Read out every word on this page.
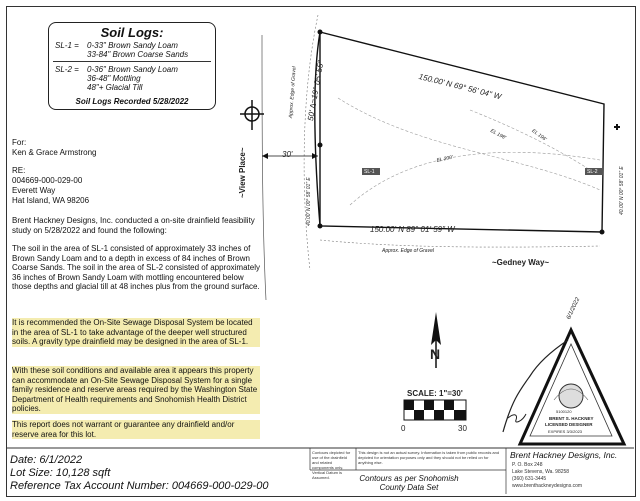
Soil Logs:
SL-1 = 0-33" Brown Sandy Loam
33-84" Brown Coarse Sands
SL-2 = 0-36" Brown Sandy Loam
36-48" Mottling
48"+ Glacial Till
Soil Logs Recorded 5/28/2022
For:
Ken & Grace Armstrong
RE:
004669-000-029-00
Everett Way
Hat Island, WA 98206
Brent Hackney Designs, Inc. conducted a on-site drainfield feasibility study on 5/28/2022 and found the following:
The soil in the area of SL-1 consisted of approximately 33 inches of Brown Sandy Loam and to a depth in excess of 84 inches of Brown Coarse Sands. The soil in the area of SL-2 consisted of approximately 36 inches of Brown Sandy Loam with mottling encountered below those depths and glacial till at 48 inches plus from the ground surface.
It is recommended the On-Site Sewage Disposal System be located in the area of SL-1 to take advantage of the deeper well structured soils. A gravity type drainfield may be designed in the area of SL-1.
With these soil conditions and available area it appears this property can accommodate an On-Site Sewage Disposal System for a single family residence and reserve areas required by the Washington State Department of Health requirements and Snohomish Health District policies.
This report does not warrant or guarantee any drainfield and/or reserve area for this lot.
150.00' N 69° 56' 04" W
150.00' N 89° 01' 59" W
50' ∆=19° 05' 55"
40.00' N 00° 58' 01" E	40.00' N 00° 58' 01" E
~View Place~
~Gedney Way~
30'
Approx. Edge of Gravel
Approx. Edge of Gravel
SL-1	SL-2
EL 198'
EL 200'
EL 196'
N
SCALE: 1"=30'
0	30
5100120
BRENT S. HACKNEY
LICENSED DESIGNER
EXPIRES 3/3/2023
6/1/2022
Date: 6/1/2022
Lot Size: 10,128 sqft
Reference Tax Account Number: 004669-000-029-00
Contours depicted for use of the drainfield and related components only. Vertical Datum is Assumed.
This design is not an actual survey. Information is taken from public records and depicted for orientation purposes only and they should not be relied on for anything else.
Contours as per Snohomish
County Data Set
Brent Hackney Designs, Inc.
P. O. Box 248
Lake Stevens, Wa. 98258
(360) 631-3445
www.brenthackneydesigns.com
